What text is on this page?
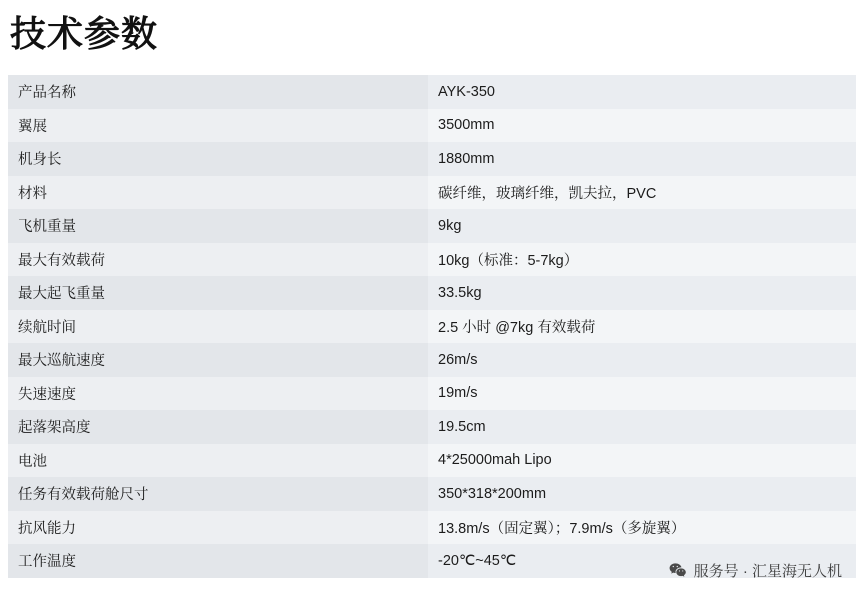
技术参数
产品名称	AYK-350
翼展	3500mm
机身长	1880mm
材料	碳纤维，玻璃纤维，凯夫拉，PVC
飞机重量	9kg
最大有效载荷	10kg（标准：5-7kg）
最大起飞重量	33.5kg
续航时间	2.5 小时 @7kg 有效载荷
最大巡航速度	26m/s
失速速度	19m/s
起落架高度	19.5cm
电池	4*25000mah Lipo
任务有效载荷舱尺寸	350*318*200mm
抗风能力	13.8m/s（固定翼）；7.9m/s（多旋翼）
工作温度	-20℃~45℃
服务号 · 汇星海无人机
